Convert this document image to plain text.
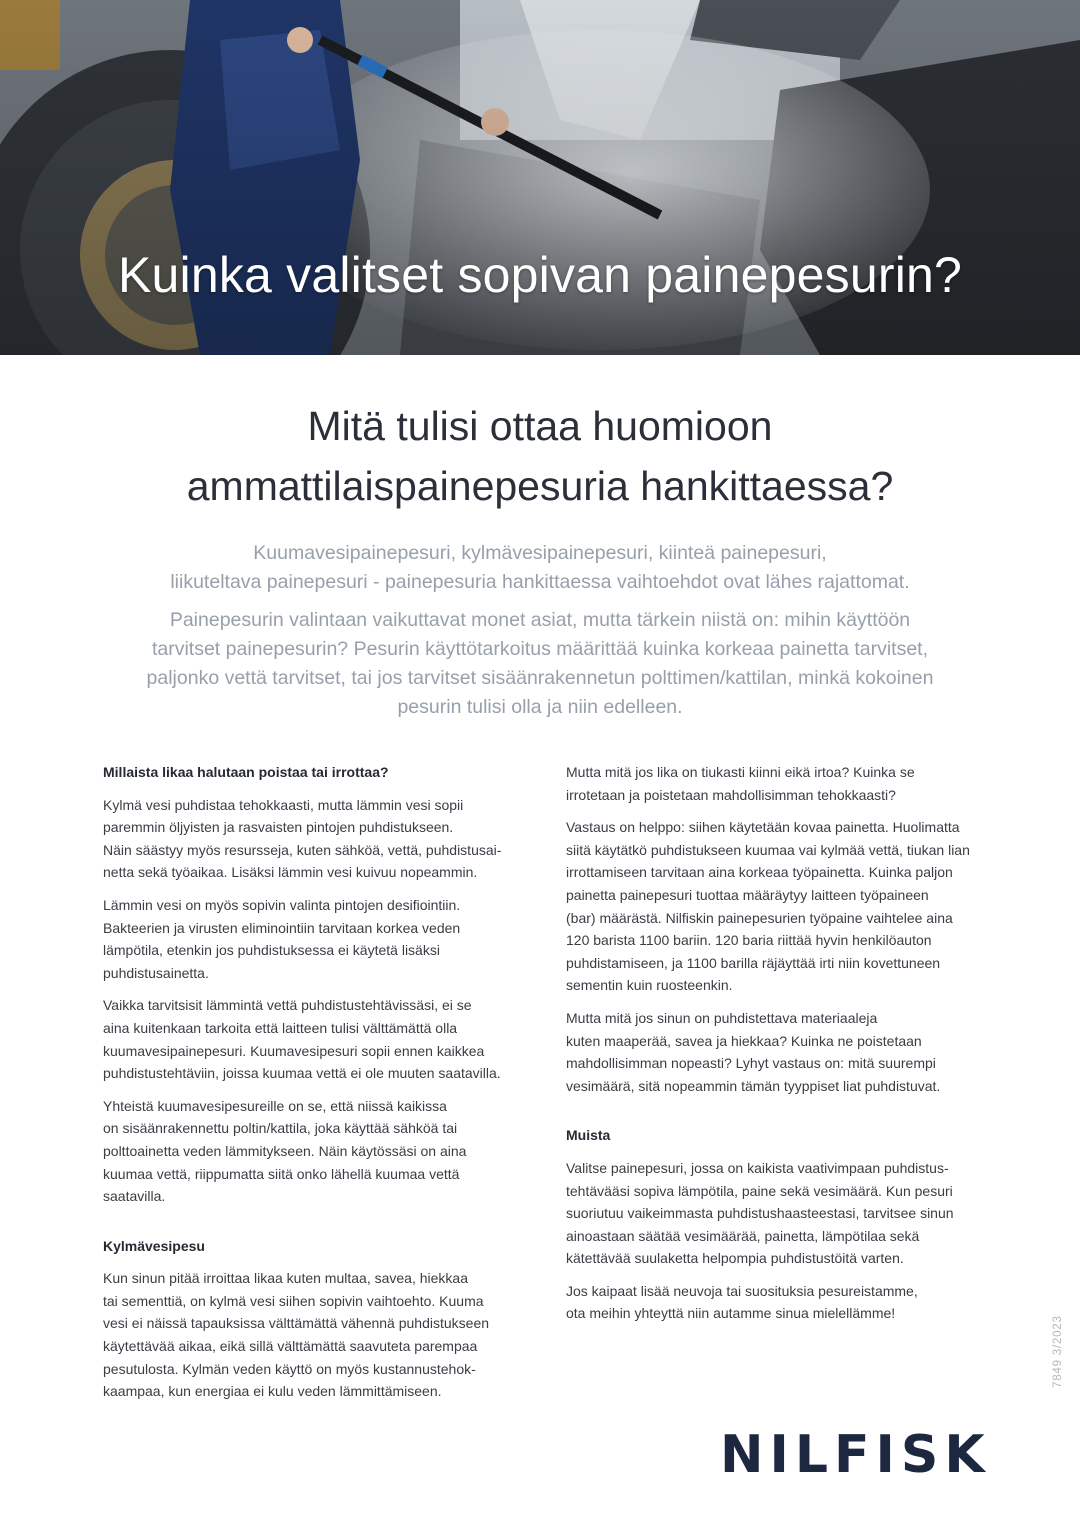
Kuinka valitset sopivan painepesurin?
Mitä tulisi ottaa huomioon
ammattilaispainepesuria hankittaessa?
Kuumavesipainepesuri, kylmävesipainepesuri, kiinteä painepesuri,
liikuteltava painepesuri - painepesuria hankittaessa vaihtoehdot ovat lähes rajattomat.
Painepesurin valintaan vaikuttavat monet asiat, mutta tärkein niistä on: mihin käyttöön
tarvitset painepesurin? Pesurin käyttötarkoitus määrittää kuinka korkeaa painetta tarvitset,
paljonko vettä tarvitset, tai jos tarvitset sisäänrakennetun polttimen/kattilan, minkä kokoinen
pesurin tulisi olla ja niin edelleen.
Millaista likaa halutaan poistaa tai irrottaa?

Kylmä vesi puhdistaa tehokkaasti, mutta lämmin vesi sopii
paremmin öljyisten ja rasvaisten pintojen puhdistukseen.
Näin säästyy myös resursseja, kuten sähköä, vettä, puhdistusai-
netta sekä työaikaa. Lisäksi lämmin vesi kuivuu nopeammin.

Lämmin vesi on myös sopivin valinta pintojen desifiointiin.
Bakteerien ja virusten eliminointiin tarvitaan korkea veden
lämpötila, etenkin jos puhdistuksessa ei käytetä lisäksi
puhdistusainetta.

Vaikka tarvitsisit lämmintä vettä puhdistustehtävissäsi, ei se
aina kuitenkaan tarkoita että laitteen tulisi välttämättä olla
kuumavesipainepesuri. Kuumavesipesuri sopii ennen kaikkea
puhdistustehtäviin, joissa kuumaa vettä ei ole muuten saatavilla.

Yhteistä kuumavesipesureille on se, että niissä kaikissa
on sisäänrakennettu poltin/kattila, joka käyttää sähköä tai
polttoainetta veden lämmitykseen. Näin käytössäsi on aina
kuumaa vettä, riippumatta siitä onko lähellä kuumaa vettä
saatavilla.

Kylmävesipesu

Kun sinun pitää irroittaa likaa kuten multaa, savea, hiekkaa
tai sementtiä, on kylmä vesi siihen sopivin vaihtoehto. Kuuma
vesi ei näissä tapauksissa välttämättä vähennä puhdistukseen
käytettävää aikaa, eikä sillä välttämättä saavuteta parempaa
pesutulosta. Kylmän veden käyttö on myös kustannustehok-
kaampaa, kun energiaa ei kulu veden lämmittämiseen.

Mutta mitä jos lika on tiukasti kiinni eikä irtoa? Kuinka se
irrotetaan ja poistetaan mahdollisimman tehokkaasti?

Vastaus on helppo: siihen käytetään kovaa painetta. Huolimatta
siitä käytätkö puhdistukseen kuumaa vai kylmää vettä, tiukan lian
irrottamiseen tarvitaan aina korkeaa työpainetta. Kuinka paljon
painetta painepesuri tuottaa määräytyy laitteen työpaineen
(bar) määrästä. Nilfiskin painepesurien työpaine vaihtelee aina
120 barista 1100 bariin. 120 baria riittää hyvin henkilöauton
puhdistamiseen, ja 1100 barilla räjäyttää irti niin kovettuneen
sementin kuin ruosteenkin.

Mutta mitä jos sinun on puhdistettava materiaaleja
kuten maaperää, savea ja hiekkaa? Kuinka ne poistetaan
mahdollisimman nopeasti? Lyhyt vastaus on: mitä suurempi
vesimäärä, sitä nopeammin tämän tyyppiset liat puhdistuvat.

Muista

Valitse painepesuri, jossa on kaikista vaativimpaan puhdistus-
tehtävääsi sopiva lämpötila, paine sekä vesimäärä. Kun pesuri
suoriutuu vaikeimmasta puhdistushaasteestasi, tarvitsee sinun
ainoastaan säätää vesimäärää, painetta, lämpötilaa sekä
kätettävää suulaketta helpompia puhdistustöitä varten.

Jos kaipaat lisää neuvoja tai suosituksia pesureistamme,
ota meihin yhteyttä niin autamme sinua mielellämme!

7849 3/2023
NILFISK
